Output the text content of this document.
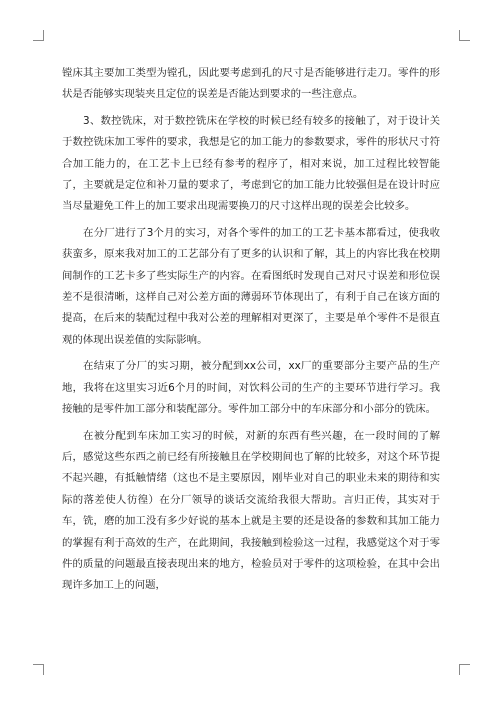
镗床其主要加工类型为镗孔，因此要考虑到孔的尺寸是否能够进行走刀。零件的形状是否能够实现装夹且定位的误差是否能达到要求的一些注意点。

3、数控铣床，对于数控铣床在学校的时候已经有较多的接触了，对于设计关于数控铣床加工零件的要求，我想是它的加工能力的参数要求，零件的形状尺寸符合加工能力的，在工艺卡上已经有参考的程序了，相对来说，加工过程比较智能了，主要就是定位和补刀量的要求了，考虑到它的加工能力比较强但是在设计时应当尽量避免工件上的加工要求出现需要换刀的尺寸这样出现的误差会比较多。

在分厂进行了3个月的实习，对各个零件的加工的工艺卡基本都看过，使我收获蛮多，原来我对加工的工艺部分有了更多的认识和了解，其上的内容比我在校期间制作的工艺卡多了些实际生产的内容。在看图纸时发现自己对尺寸误差和形位误差不是很清晰，这样自己对公差方面的薄弱环节体现出了，有利于自己在该方面的提高，在后来的装配过程中我对公差的理解相对更深了，主要是单个零件不是很直观的体现出误差值的实际影响。

在结束了分厂的实习期，被分配到xx公司，xx厂的重要部分主要产品的生产地，我将在这里实习近6个月的时间，对饮料公司的生产的主要环节进行学习。我接触的是零件加工部分和装配部分。零件加工部分中的车床部分和小部分的铣床。

在被分配到车床加工实习的时候，对新的东西有些兴趣，在一段时间的了解后，感觉这些东西之前已经有所接触且在学校期间也了解的比较多，对这个环节提不起兴趣，有抵触情绪（这也不是主要原因，刚毕业对自己的职业未来的期待和实际的落差使人彷徨）在分厂领导的谈话交流给我很大帮助。言归正传，其实对于车，铣，磨的加工没有多少好说的基本上就是主要的还是设备的参数和其加工能力的掌握有利于高效的生产，在此期间，我接触到检验这一过程，我感觉这个对于零件的质量的问题最直接表现出来的地方，检验员对于零件的这项检验，在其中会出现许多加工上的问题，
